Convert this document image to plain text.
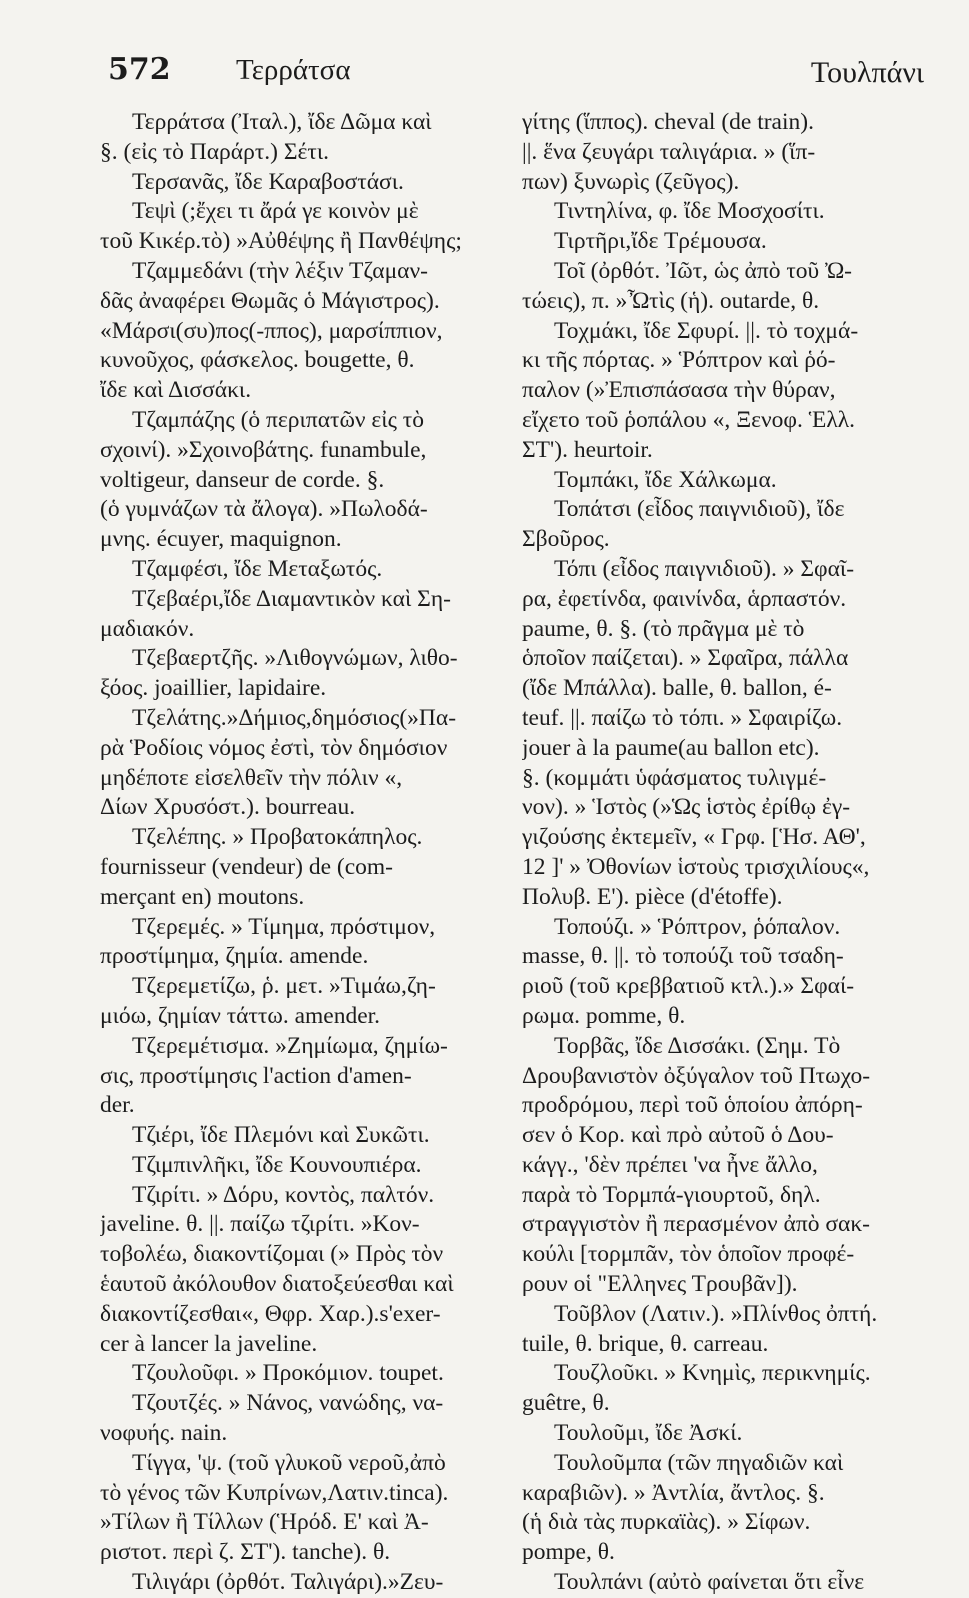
572 Τερράτσα	Τουλπάνι
Τερράτσα (Ἰταλ.), ἴδε Δῶμα καὶ
§. (εἰς τὸ Παράρτ.) Σέτι.
Τερσανᾶς, ἴδε Καραβοστάσι.
Τεψὶ (;ἔχει τι ἄρά γε κοινὸν μὲ
τοῦ Κικέρ.τὸ) »Αὐθέψης ἢ Πανθέψης;
Τζαμμεδάνι (τὴν λέξιν Τζαμαν-
δᾶς ἀναφέρει Θωμᾶς ὁ Μάγιστρος).
«Μάρσι(συ)πος(-ππος), μαρσίππιον,
κυνοῦχος, φάσκελος. bougette, θ.
ἴδε καὶ Δισσάκι.
Τζαμπάζης (ὁ περιπατῶν εἰς τὸ
σχοινί). »Σχοινοβάτης. funambule,
voltigeur, danseur de corde. §.
(ὁ γυμνάζων τὰ ἄλογα). »Πωλοδά-
μνης. écuyer, maquignon.
Τζαμφέσι, ἴδε Μεταξωτός.
Τζεβαέρι,ἴδε Διαμαντικὸν καὶ Ση-
μαδιακόν.
Τζεβαερτζῆς. »Λιθογνώμων, λιθο-
ξόος. joaillier, lapidaire.
Τζελάτης.»Δήμιος,δημόσιος(»Πα-
ρὰ Ῥοδίοις νόμος ἐστὶ, τὸν δημόσιον
μηδέποτε εἰσελθεῖν τὴν πόλιν «,
Δίων Χρυσόστ.). bourreau.
Τζελέπης. » Προβατοκάπηλος.
fournisseur (vendeur) de (com-
merçant en) moutons.
Τζερεμές. » Τίμημα, πρόστιμον,
προστίμημα, ζημία. amende.
Τζερεμετίζω, ῥ. μετ. »Τιμάω,ζη-
μιόω, ζημίαν τάττω. amender.
Τζερεμέτισμα. »Ζημίωμα, ζημίω-
σις, προστίμησις l'action d'amen-
der.
Τζιέρι, ἴδε Πλεμόνι καὶ Συκῶτι.
Τζιμπινλῆκι, ἴδε Κουνουπιέρα.
Τζιρίτι. » Δόρυ, κοντὸς, παλτόν.
javeline. θ. ||. παίζω τζιρίτι. »Κον-
τοβολέω, διακοντίζομαι (» Πρὸς τὸν
ἑαυτοῦ ἀκόλουθον διατοξεύεσθαι καὶ
διακοντίζεσθαι«, Θφρ. Χαρ.).s'exer-
cer à lancer la javeline.
Τζουλοῦφι. » Προκόμιον. toupet.
Τζουτζές. » Νάνος, νανώδης, να-
νοφυής. nain.
Τίγγα, 'ψ. (τοῦ γλυκοῦ νεροῦ,ἀπὸ
τὸ γένος τῶν Κυπρίνων,Λατιν.tinca).
»Τίλων ἢ Τίλλων (Ἡρόδ. Ε' καὶ Ἀ-
ριστοτ. περὶ ζ. ΣΤ'). tanche). θ.
Τιλιγάρι (ὀρθότ. Ταλιγάρι).»Ζευ-
γίτης (ἵππος). cheval (de train).
||. ἕνα ζευγάρι ταλιγάρια. » (ἵπ-
πων) ξυνωρὶς (ζεῦγος).
Τιντηλίνα, φ. ἴδε Μοσχοσίτι.
Τιρτῆρι,ἴδε Τρέμουσα.
Τοῖ (ὀρθότ. Ἰῶτ, ὡς ἀπὸ τοῦ Ὠ-
τώεις), π. »Ὦτὶς (ἡ). outarde, θ.
Τοχμάκι, ἴδε Σφυρί. ||. τὸ τοχμά-
κι τῆς πόρτας. » Ῥόπτρον καὶ ῥό-
παλον (»Ἐπισπάσασα τὴν θύραν,
εἴχετο τοῦ ῥοπάλου «, Ξενοφ. Ἑλλ.
ΣΤ'). heurtoir.
Τομπάκι, ἴδε Χάλκωμα.
Τοπάτσι (εἶδος παιγνιδιοῦ), ἴδε
Σβοῦρος.
Τόπι (εἶδος παιγνιδιοῦ). » Σφαῖ-
ρα, ἐφετίνδα, φαινίνδα, ἁρπαστόν.
paume, θ. §. (τὸ πρᾶγμα μὲ τὸ
ὁποῖον παίζεται). » Σφαῖρα, πάλλα
(ἴδε Μπάλλα). balle, θ. ballon, é-
teuf. ||. παίζω τὸ τόπι. » Σφαιρίζω.
jouer à la paume(au ballon etc).
§. (κομμάτι ὑφάσματος τυλιγμέ-
νον). » Ἱστὸς (»Ὡς ἱστὸς ἐρίθῳ ἐγ-
γιζούσης ἐκτεμεῖν, « Γρφ. [Ἡσ. ΑΘ',
12 ]' » Ὀθονίων ἱστοὺς τρισχιλίους«,
Πολυβ. Ε'). pièce (d'étoffe).
Τοπούζι. » Ῥόπτρον, ῥόπαλον.
masse, θ. ||. τὸ τοπούζι τοῦ τσαδη-
ριοῦ (τοῦ κρεββατιοῦ κτλ.).» Σφαί-
ρωμα. pomme, θ.
Τορβᾶς, ἴδε Δισσάκι. (Σημ. Τὸ
Δρουβανιστὸν ὀξύγαλον τοῦ Πτωχο-
προδρόμου, περὶ τοῦ ὁποίου ἀπόρη-
σεν ὁ Κορ. καὶ πρὸ αὐτοῦ ὁ Δου-
κάγγ., 'δὲν πρέπει 'να ἦνε ἄλλο,
παρὰ τὸ Τορμπά-γιουρτοῦ, δηλ.
στραγγιστὸν ἢ περασμένον ἀπὸ σακ-
κούλι [τορμπᾶν, τὸν ὁποῖον προφέ-
ρουν οἱ "Ελληνες Τρουβᾶν]).
Τοῦβλον (Λατιν.). »Πλίνθος ὀπτή.
tuile, θ. brique, θ. carreau.
Τουζλοῦκι. » Κνημὶς, περικνημίς.
guêtre, θ.
Τουλοῦμι, ἴδε Ἀσκί.
Τουλοῦμπα (τῶν πηγαδιῶν καὶ
καραβιῶν). » Ἀντλία, ἄντλος. §.
(ἡ διὰ τὰς πυρκαϊὰς). » Σίφων.
pompe, θ.
Τουλπάνι (αὐτὸ φαίνεται ὅτι εἶνε
